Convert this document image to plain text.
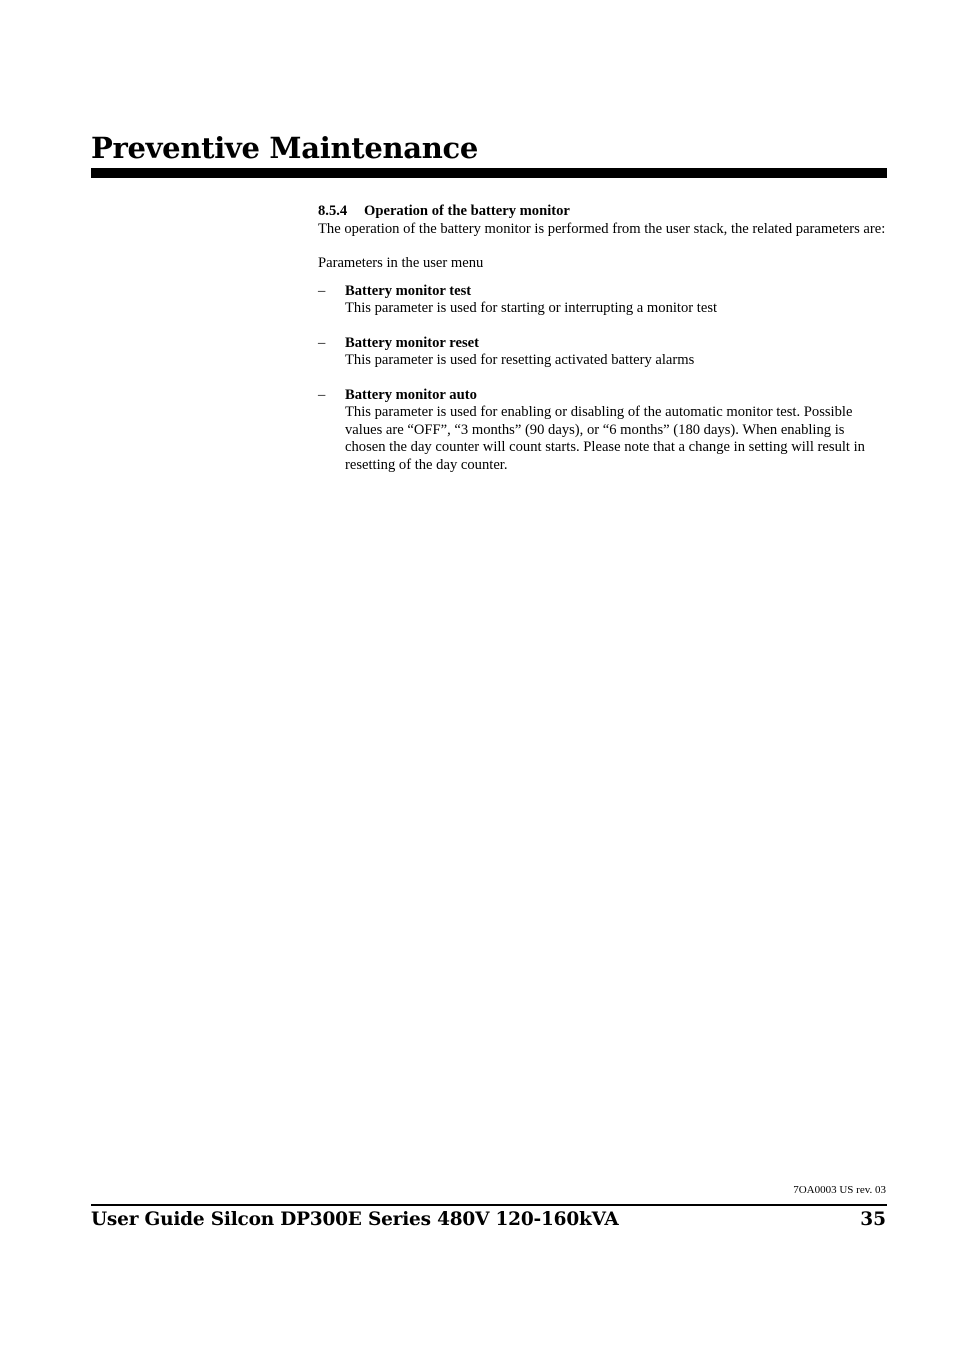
Preventive Maintenance

8.5.4 Operation of the battery monitor

The operation of the battery monitor is performed from the user stack, the related parameters are:

Parameters in the user menu

– Battery monitor test
This parameter is used for starting or interrupting a monitor test
– Battery monitor reset
This parameter is used for resetting activated battery alarms
– Battery monitor auto
This parameter is used for enabling or disabling of the automatic monitor test. Possible values are “OFF”, “3 months” (90 days), or “6 months” (180 days). When enabling is chosen the day counter will count starts. Please note that a change in setting will result in resetting of the day counter.
7OA0003 US rev. 03
User Guide Silcon DP300E Series 480V 120-160kVA	35
